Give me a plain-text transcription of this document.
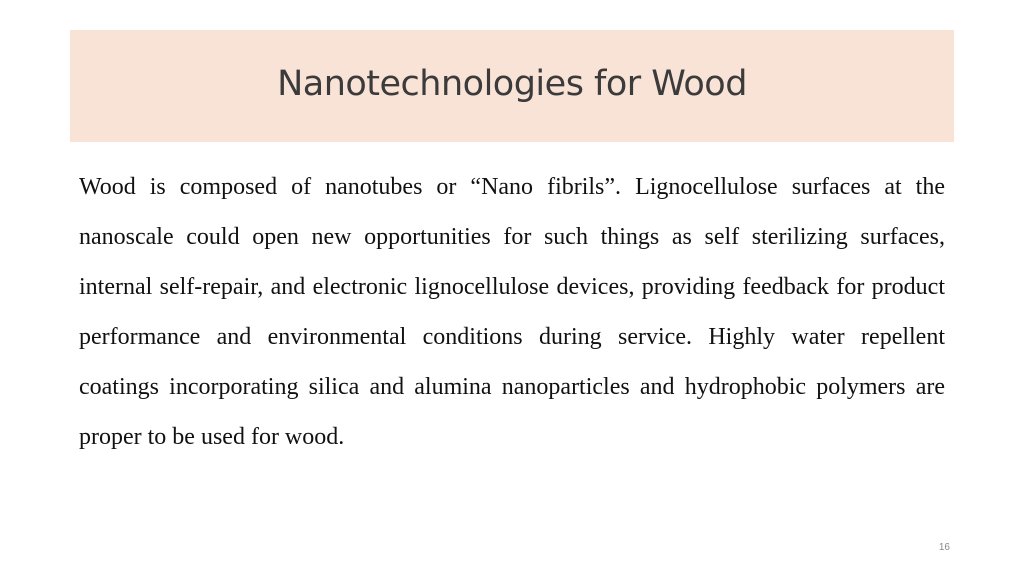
Nanotechnologies for Wood

Wood is composed of nanotubes or “Nano fibrils”. Lignocellulose surfaces at the nanoscale could open new opportunities for such things as self sterilizing surfaces, internal self-repair, and electronic lignocellulose devices, providing feedback for product performance and environmental conditions during service. Highly water repellent coatings incorporating silica and alumina nanoparticles and hydrophobic polymers are proper to be used for wood.

16
